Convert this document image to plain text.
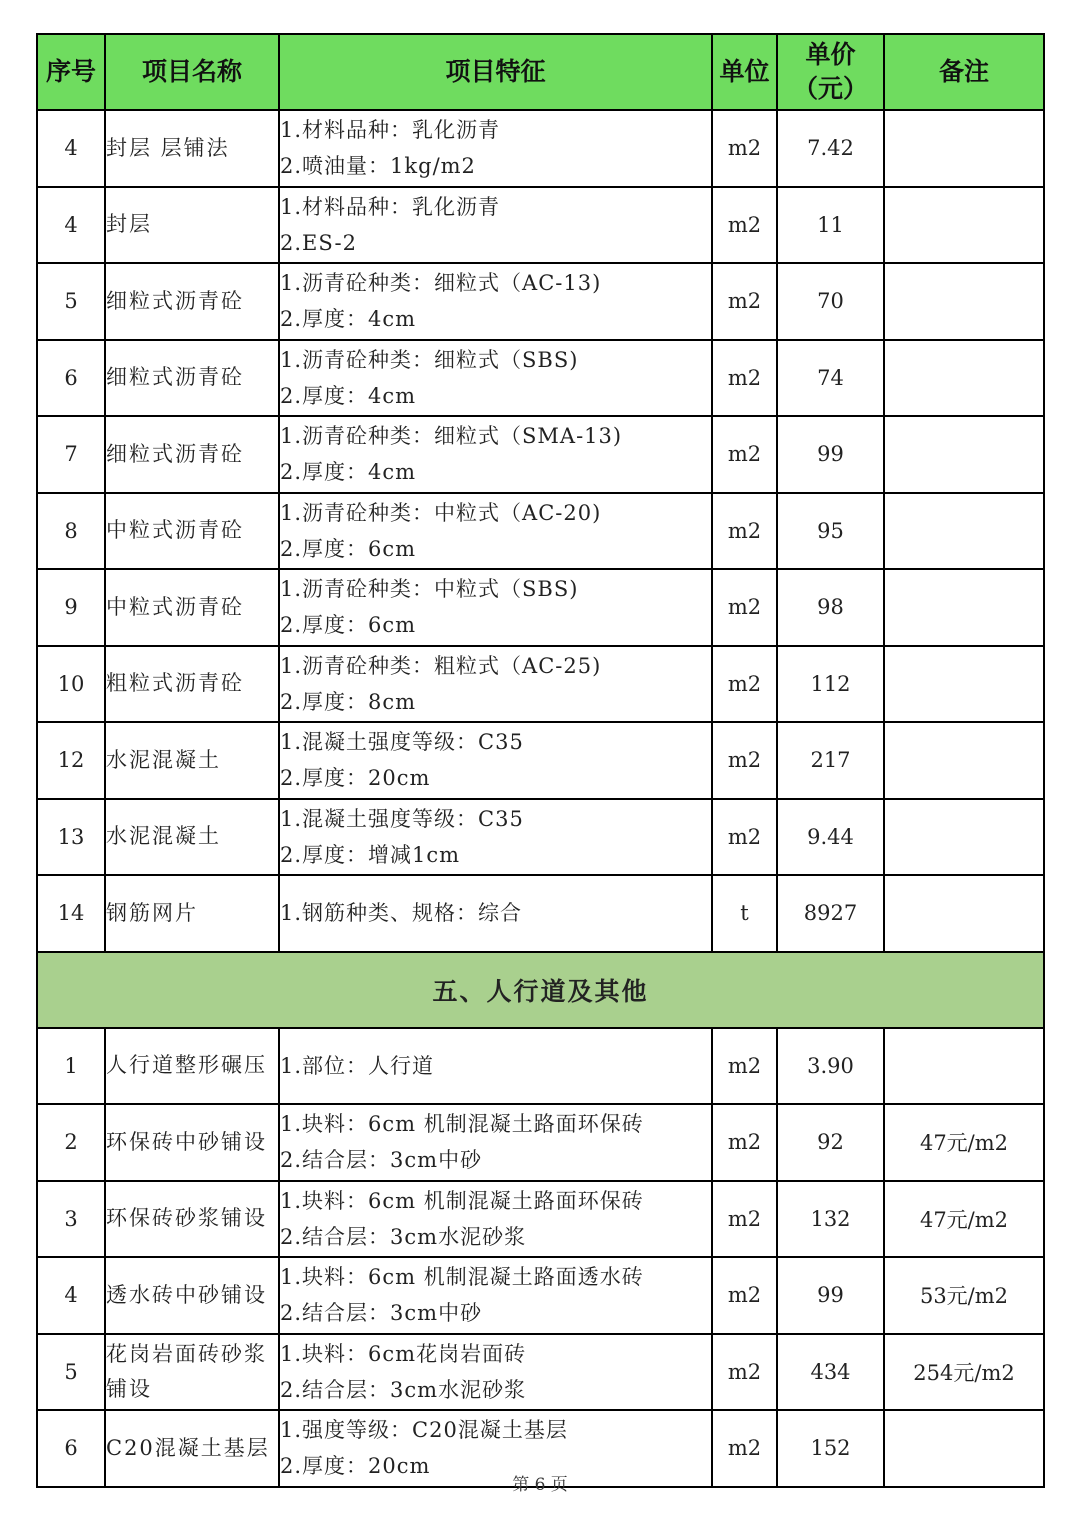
序号	项目名称	项目特征	单位	单价
（元）	备注
4	封层 层铺法	1.材料品种：乳化沥青
2.喷油量：1kg/m2	m2	7.42	
4	封层	1.材料品种：乳化沥青
2.ES-2	m2	11	
5	细粒式沥青砼	1.沥青砼种类：细粒式（AC-13)
2.厚度：4cm	m2	70	
6	细粒式沥青砼	1.沥青砼种类：细粒式（SBS)
2.厚度：4cm	m2	74	
7	细粒式沥青砼	1.沥青砼种类：细粒式（SMA-13)
2.厚度：4cm	m2	99	
8	中粒式沥青砼	1.沥青砼种类：中粒式（AC-20)
2.厚度：6cm	m2	95	
9	中粒式沥青砼	1.沥青砼种类：中粒式（SBS)
2.厚度：6cm	m2	98	
10	粗粒式沥青砼	1.沥青砼种类：粗粒式（AC-25)
2.厚度：8cm	m2	112	
12	水泥混凝土	1.混凝土强度等级：C35
2.厚度：20cm	m2	217	
13	水泥混凝土	1.混凝土强度等级：C35
2.厚度：增减1cm	m2	9.44	
14	钢筋网片	1.钢筋种类、规格：综合	t	8927	
五、人行道及其他					
1	人行道整形碾压	1.部位：人行道	m2	3.90	
2	环保砖中砂铺设	1.块料：6cm 机制混凝土路面环保砖
2.结合层：3cm中砂	m2	92	47元/m2
3	环保砖砂浆铺设	1.块料：6cm 机制混凝土路面环保砖
2.结合层：3cm水泥砂浆	m2	132	47元/m2
4	透水砖中砂铺设	1.块料：6cm 机制混凝土路面透水砖
2.结合层：3cm中砂	m2	99	53元/m2
5	花岗岩面砖砂浆铺设	1.块料：6cm花岗岩面砖
2.结合层：3cm水泥砂浆	m2	434	254元/m2
6	C20混凝土基层	1.强度等级：C20混凝土基层
2.厚度：20cm	m2	152	
第 6 页
